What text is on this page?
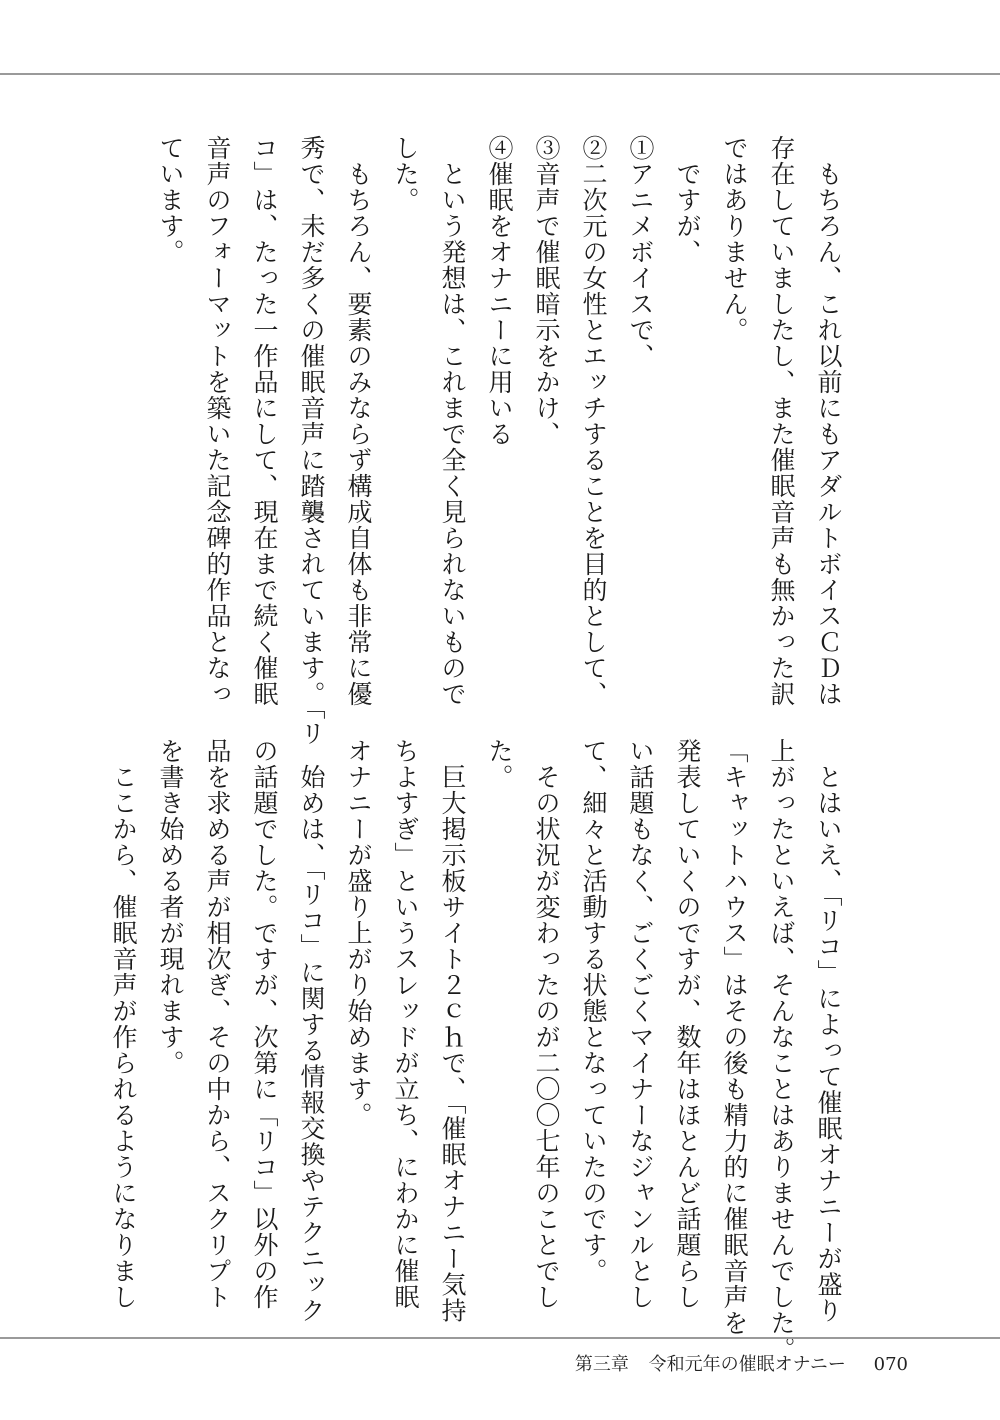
　もちろん、これ以前にもアダルトボイスＣＤは
存在していましたし、また催眠音声も無かった訳
ではありません。
　ですが、
①アニメボイスで、
②二次元の女性とエッチすることを目的として、
③音声で催眠暗示をかけ、
④催眠をオナニーに用いる
　という発想は、これまで全く見られないもので
した。
　もちろん、要素のみならず構成自体も非常に優
秀で、未だ多くの催眠音声に踏襲されています。「リ
コ」は、たった一作品にして、現在まで続く催眠
音声のフォーマットを築いた記念碑的作品となっ
ています。
　とはいえ、「リコ」によって催眠オナニーが盛り
上がったといえば、そんなことはありませんでした。
「キャットハウス」はその後も精力的に催眠音声を
発表していくのですが、数年はほとんど話題らし
い話題もなく、ごくごくマイナーなジャンルとし
て、細々と活動する状態となっていたのです。
　その状況が変わったのが二〇〇七年のことでし
た。
　巨大掲示板サイト２ｃｈで、「催眠オナニー気持
ちよすぎ」というスレッドが立ち、にわかに催眠
オナニーが盛り上がり始めます。
　始めは、「リコ」に関する情報交換やテクニック
の話題でした。ですが、次第に「リコ」以外の作
品を求める声が相次ぎ、その中から、スクリプト
を書き始める者が現れます。
　ここから、催眠音声が作られるようになりまし
第三章 令和元年の催眠オナニー 070
